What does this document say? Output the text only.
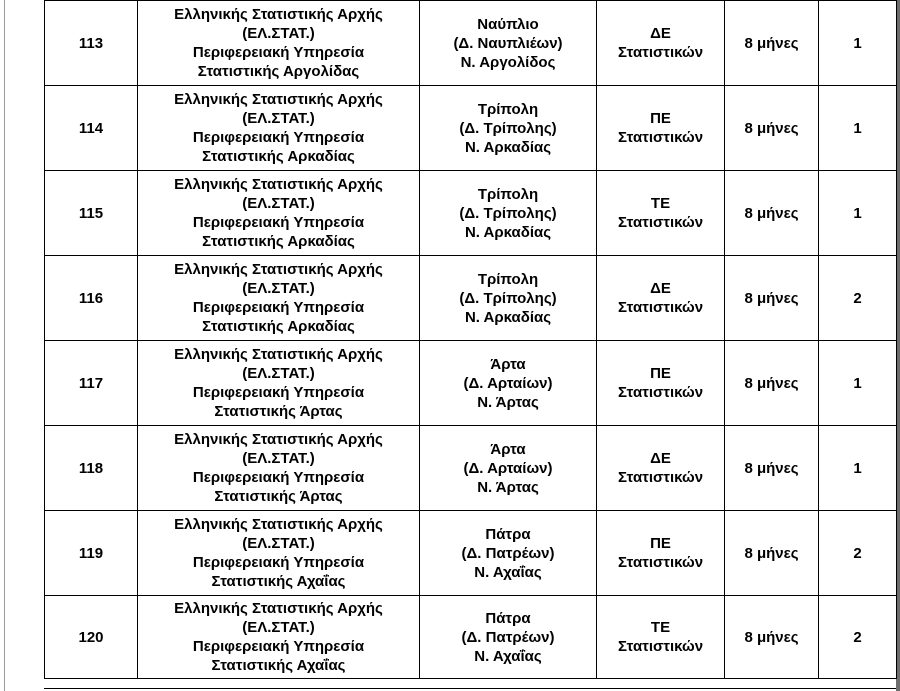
113	Ελληνικής Στατιστικής Αρχής
(ΕΛ.ΣΤΑΤ.)
Περιφερειακή Υπηρεσία
Στατιστικής Αργολίδας	Ναύπλιο
(Δ. Ναυπλιέων)
Ν. Αργολίδος	ΔΕ
Στατιστικών	8 μήνες	1
114	Ελληνικής Στατιστικής Αρχής
(ΕΛ.ΣΤΑΤ.)
Περιφερειακή Υπηρεσία
Στατιστικής Αρκαδίας	Τρίπολη
(Δ. Τρίπολης)
Ν. Αρκαδίας	ΠΕ
Στατιστικών	8 μήνες	1
115	Ελληνικής Στατιστικής Αρχής
(ΕΛ.ΣΤΑΤ.)
Περιφερειακή Υπηρεσία
Στατιστικής Αρκαδίας	Τρίπολη
(Δ. Τρίπολης)
Ν. Αρκαδίας	ΤΕ
Στατιστικών	8 μήνες	1
116	Ελληνικής Στατιστικής Αρχής
(ΕΛ.ΣΤΑΤ.)
Περιφερειακή Υπηρεσία
Στατιστικής Αρκαδίας	Τρίπολη
(Δ. Τρίπολης)
Ν. Αρκαδίας	ΔΕ
Στατιστικών	8 μήνες	2
117	Ελληνικής Στατιστικής Αρχής
(ΕΛ.ΣΤΑΤ.)
Περιφερειακή Υπηρεσία
Στατιστικής Άρτας	Άρτα
(Δ. Αρταίων)
Ν. Άρτας	ΠΕ
Στατιστικών	8 μήνες	1
118	Ελληνικής Στατιστικής Αρχής
(ΕΛ.ΣΤΑΤ.)
Περιφερειακή Υπηρεσία
Στατιστικής Άρτας	Άρτα
(Δ. Αρταίων)
Ν. Άρτας	ΔΕ
Στατιστικών	8 μήνες	1
119	Ελληνικής Στατιστικής Αρχής
(ΕΛ.ΣΤΑΤ.)
Περιφερειακή Υπηρεσία
Στατιστικής Αχαΐας	Πάτρα
(Δ. Πατρέων)
Ν. Αχαΐας	ΠΕ
Στατιστικών	8 μήνες	2
120	Ελληνικής Στατιστικής Αρχής
(ΕΛ.ΣΤΑΤ.)
Περιφερειακή Υπηρεσία
Στατιστικής Αχαΐας	Πάτρα
(Δ. Πατρέων)
Ν. Αχαΐας	ΤΕ
Στατιστικών	8 μήνες	2
